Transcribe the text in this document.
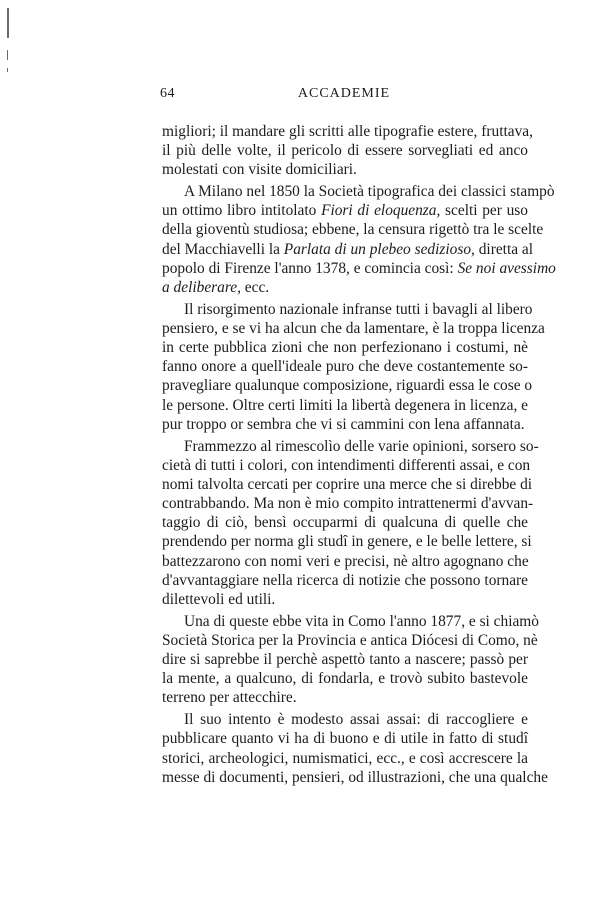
64	ACCADEMIE
migliori; il mandare gli scritti alle tipografie estere, fruttava,
il più delle volte, il pericolo di essere sorvegliati ed anco
molestati con visite domiciliari.
A Milano nel 1850 la Società tipografica dei classici stampò
un ottimo libro intitolato Fiori di eloquenza, scelti per uso
della gioventù studiosa; ebbene, la censura rigettò tra le scelte
del Macchiavelli la Parlata di un plebeo sedizioso, diretta al
popolo di Firenze l'anno 1378, e comincia così: Se noi avessimo
a deliberare, ecc.
Il risorgimento nazionale infranse tutti i bavagli al libero
pensiero, e se vi ha alcun che da lamentare, è la troppa licenza
in certe pubblica zioni che non perfezionano i costumi, nè
fanno onore a quell'ideale puro che deve costantemente so-
pravegliare qualunque composizione, riguardi essa le cose o
le persone. Oltre certi limiti la libertà degenera in licenza, e
pur troppo or sembra che vi si cammini con lena affannata.
Frammezzo al rimescolìo delle varie opinioni, sorsero so-
cietà di tutti i colori, con intendimenti differenti assai, e con
nomi talvolta cercati per coprire una merce che si direbbe di
contrabbando. Ma non è mio compito intrattenermi d'avvan-
taggio di ciò, bensì occuparmi di qualcuna di quelle che
prendendo per norma gli studî in genere, e le belle lettere, si
battezzarono con nomi veri e precisi, nè altro agognano che
d'avvantaggiare nella ricerca di notizie che possono tornare
dilettevoli ed utili.
Una di queste ebbe vita in Como l'anno 1877, e si chiamò
Società Storica per la Provincia e antica Diócesi di Como, nè
dire si saprebbe il perchè aspettò tanto a nascere; passò per
la mente, a qualcuno, di fondarla, e trovò subito bastevole
terreno per attecchire.
Il suo intento è modesto assai assai: di raccogliere e
pubblicare quanto vi ha di buono e di utile in fatto di studî
storici, archeologici, numismatici, ecc., e così accrescere la
messe di documenti, pensieri, od illustrazioni, che una qualche
